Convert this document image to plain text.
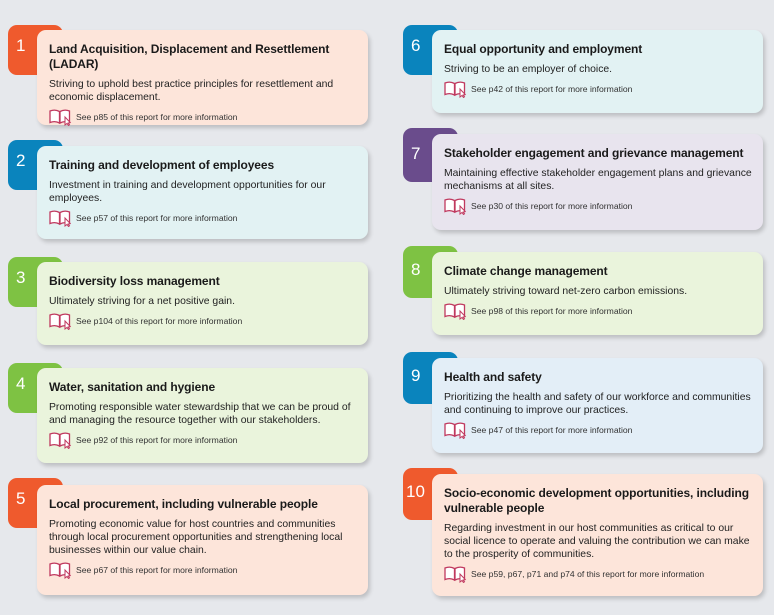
1	Land Acquisition, Displacement and Resettlement (LADAR)
Striving to uphold best practice principles for resettlement and economic displacement.
See p85 of this report for more information
2	Training and development of employees
Investment in training and development opportunities for our employees.
See p57 of this report for more information
3	Biodiversity loss management
Ultimately striving for a net positive gain.
See p104 of this report for more information
4	Water, sanitation and hygiene
Promoting responsible water stewardship that we can be proud of and managing the resource together with our stakeholders.
See p92 of this report for more information
5	Local procurement, including vulnerable people
Promoting economic value for host countries and communities through local procurement opportunities and strengthening local businesses within our value chain.
See p67 of this report for more information
6	Equal opportunity and employment
Striving to be an employer of choice.
See p42 of this report for more information
7	Stakeholder engagement and grievance management
Maintaining effective stakeholder engagement plans and grievance mechanisms at all sites.
See p30 of this report for more information
8	Climate change management
Ultimately striving toward net-zero carbon emissions.
See p98 of this report for more information
9	Health and safety
Prioritizing the health and safety of our workforce and communities and continuing to improve our practices.
See p47 of this report for more information
10	Socio-economic development opportunities, including vulnerable people
Regarding investment in our host communities as critical to our social licence to operate and valuing the contribution we can make to the prosperity of communities.
See p59, p67, p71 and p74 of this report for more information
